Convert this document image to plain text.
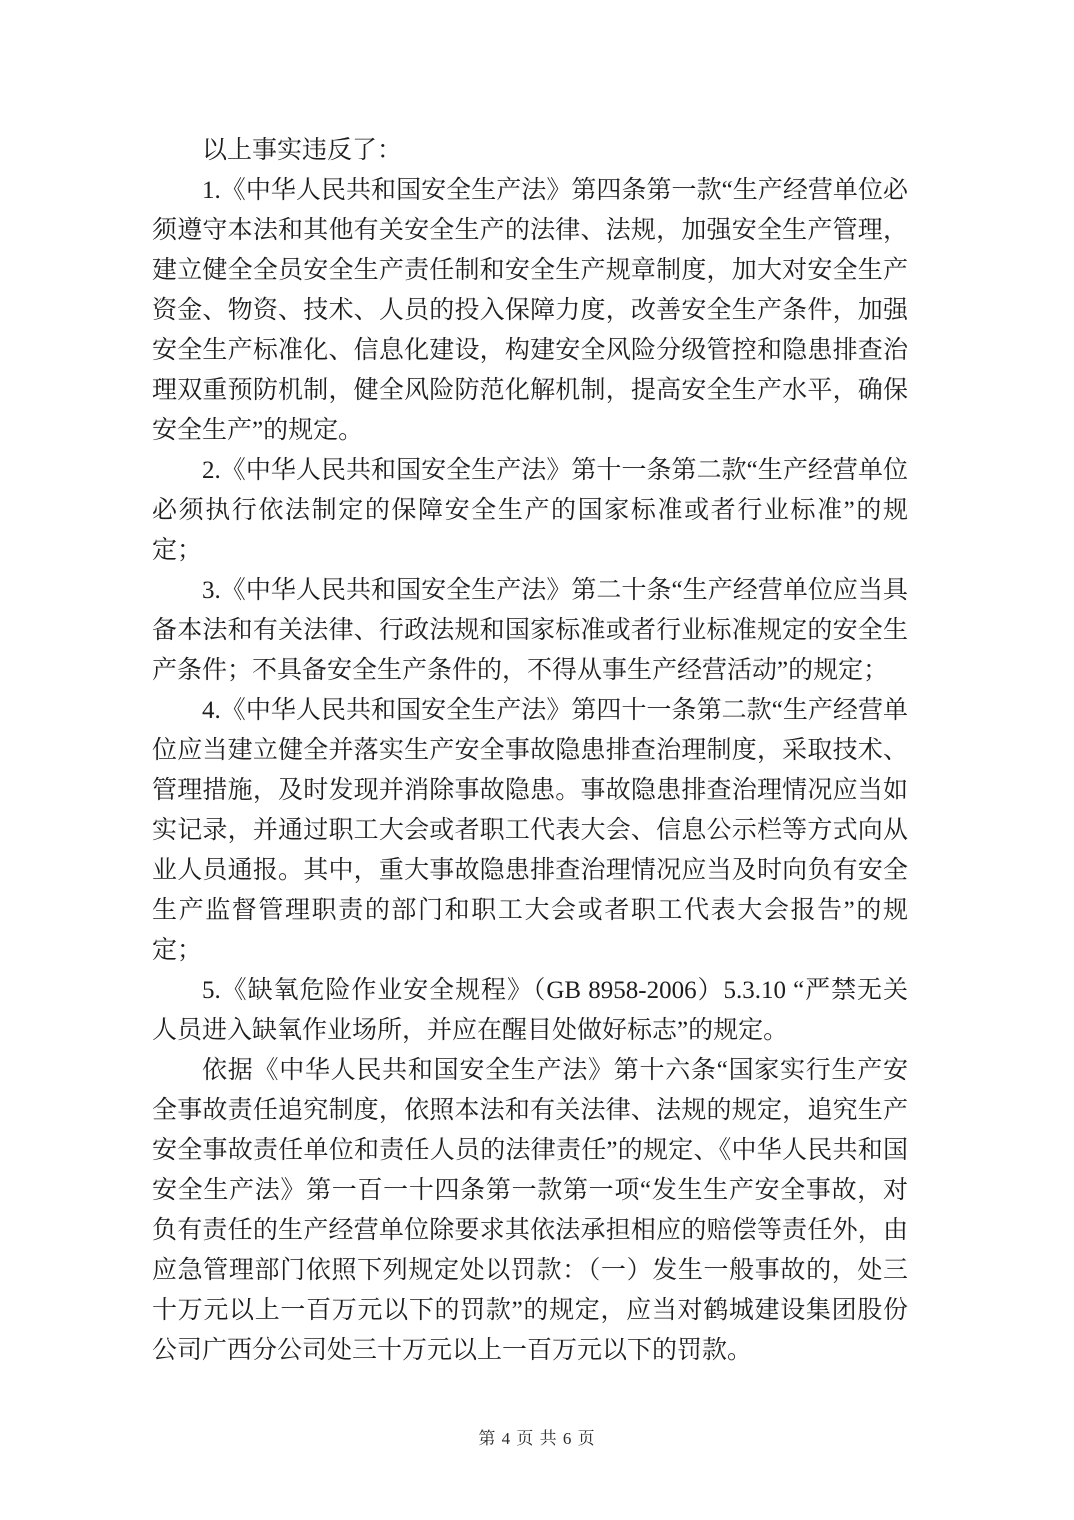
以上事实违反了：

1.《中华人民共和国安全生产法》第四条第一款“生产经营单位必须遵守本法和其他有关安全生产的法律、法规，加强安全生产管理，建立健全全员安全生产责任制和安全生产规章制度，加大对安全生产资金、物资、技术、人员的投入保障力度，改善安全生产条件，加强安全生产标准化、信息化建设，构建安全风险分级管控和隐患排查治理双重预防机制，健全风险防范化解机制，提高安全生产水平，确保安全生产”的规定。

2.《中华人民共和国安全生产法》第十一条第二款“生产经营单位必须执行依法制定的保障安全生产的国家标准或者行业标准”的规定；

3.《中华人民共和国安全生产法》第二十条“生产经营单位应当具备本法和有关法律、行政法规和国家标准或者行业标准规定的安全生产条件；不具备安全生产条件的，不得从事生产经营活动”的规定；

4.《中华人民共和国安全生产法》第四十一条第二款“生产经营单位应当建立健全并落实生产安全事故隐患排查治理制度，采取技术、管理措施，及时发现并消除事故隐患。事故隐患排查治理情况应当如实记录，并通过职工大会或者职工代表大会、信息公示栏等方式向从业人员通报。其中，重大事故隐患排查治理情况应当及时向负有安全生产监督管理职责的部门和职工大会或者职工代表大会报告”的规定；

5.《缺氧危险作业安全规程》（GB 8958-2006）5.3.10 “严禁无关人员进入缺氧作业场所，并应在醒目处做好标志”的规定。

依据《中华人民共和国安全生产法》第十六条“国家实行生产安全事故责任追究制度，依照本法和有关法律、法规的规定，追究生产安全事故责任单位和责任人员的法律责任”的规定、《中华人民共和国安全生产法》第一百一十四条第一款第一项“发生生产安全事故，对负有责任的生产经营单位除要求其依法承担相应的赔偿等责任外，由应急管理部门依照下列规定处以罚款：（一）发生一般事故的，处三十万元以上一百万元以下的罚款”的规定，应当对鹤城建设集团股份公司广西分公司处三十万元以上一百万元以下的罚款。

第 4 页 共 6 页
